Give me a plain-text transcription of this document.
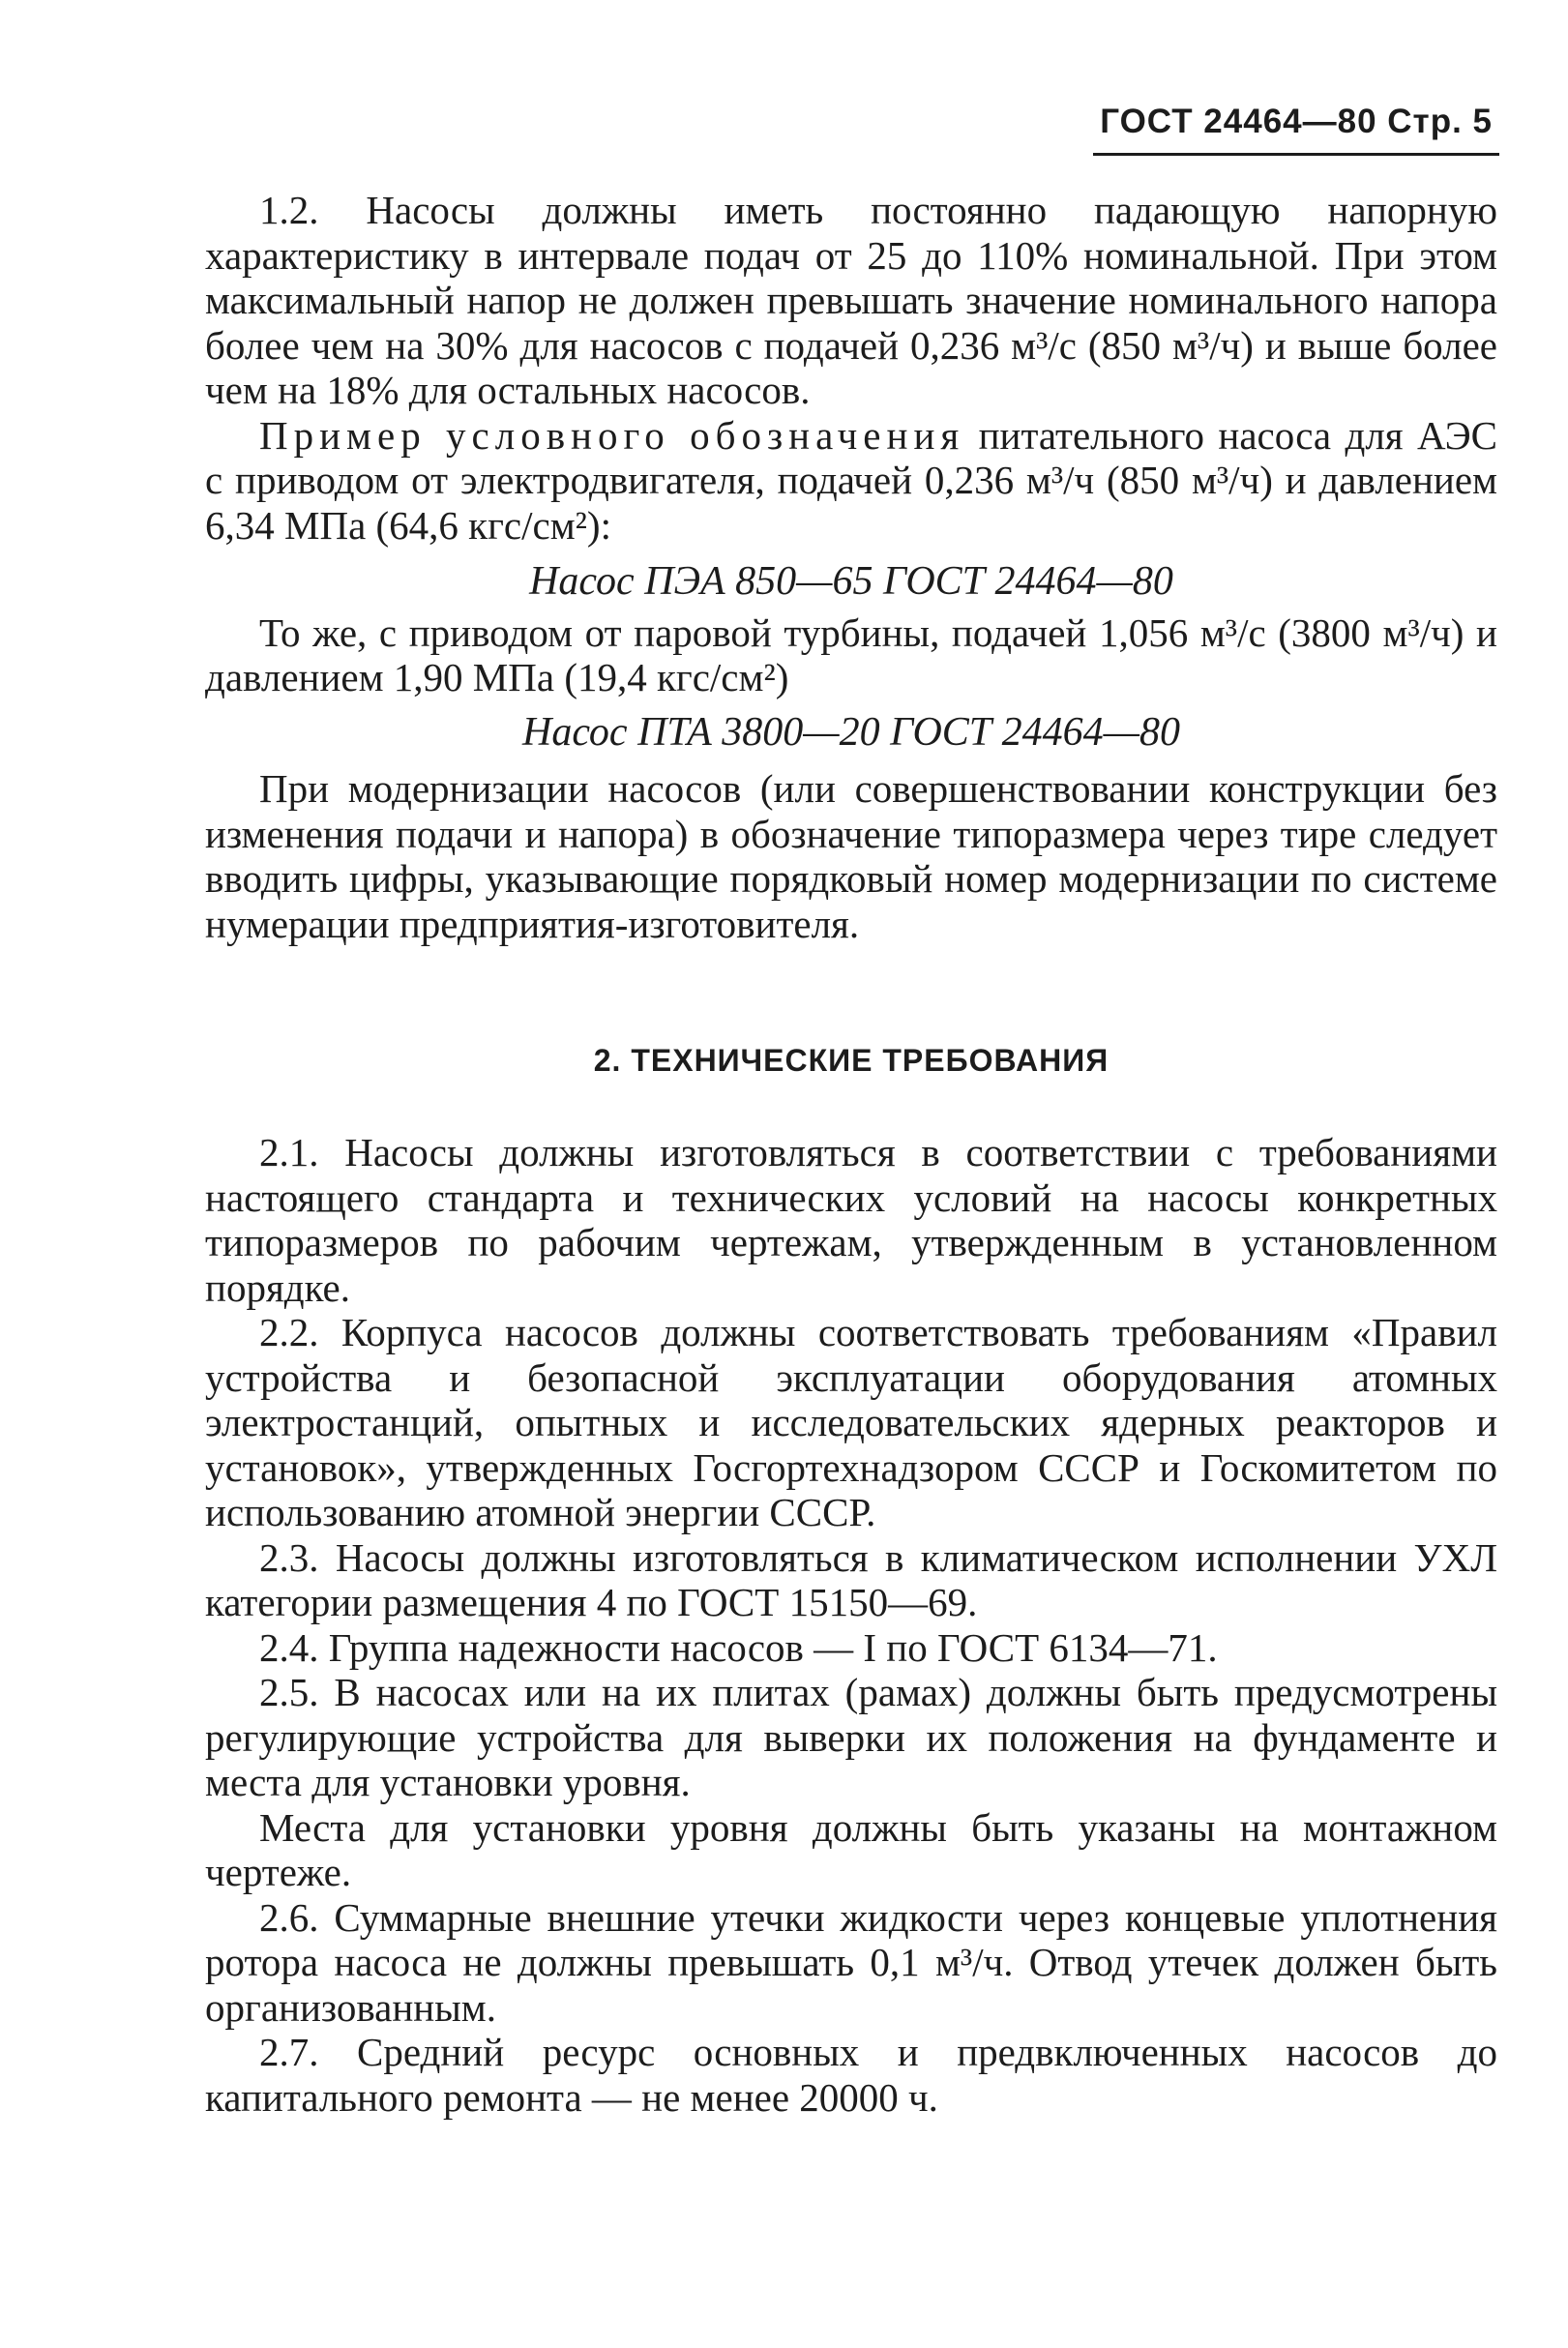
ГОСТ 24464—80 Стр. 5

1.2. Насосы должны иметь постоянно падающую напорную характеристику в интервале подач от 25 до 110% номинальной. При этом максимальный напор не должен превышать значение номинального напора более чем на 30% для насосов с подачей 0,236 м³/с (850 м³/ч) и выше более чем на 18% для остальных насосов.

Пример условного обозначения питательного насоса для АЭС с приводом от электродвигателя, подачей 0,236 м³/ч (850 м³/ч) и давлением 6,34 МПа (64,6 кгс/см²):

Насос ПЭА 850—65 ГОСТ 24464—80

То же, с приводом от паровой турбины, подачей 1,056 м³/с (3800 м³/ч) и давлением 1,90 МПа (19,4 кгс/см²)

Насос ПТА 3800—20 ГОСТ 24464—80

При модернизации насосов (или совершенствовании конструкции без изменения подачи и напора) в обозначение типоразмера через тире следует вводить цифры, указывающие порядковый номер модернизации по системе нумерации предприятия-изготовителя.

2. ТЕХНИЧЕСКИЕ ТРЕБОВАНИЯ

2.1. Насосы должны изготовляться в соответствии с требованиями настоящего стандарта и технических условий на насосы конкретных типоразмеров по рабочим чертежам, утвержденным в установленном порядке.

2.2. Корпуса насосов должны соответствовать требованиям «Правил устройства и безопасной эксплуатации оборудования атомных электростанций, опытных и исследовательских ядерных реакторов и установок», утвержденных Госгортехнадзором СССР и Госкомитетом по использованию атомной энергии СССР.

2.3. Насосы должны изготовляться в климатическом исполнении УХЛ категории размещения 4 по ГОСТ 15150—69.

2.4. Группа надежности насосов — I по ГОСТ 6134—71.

2.5. В насосах или на их плитах (рамах) должны быть предусмотрены регулирующие устройства для выверки их положения на фундаменте и места для установки уровня.

Места для установки уровня должны быть указаны на монтажном чертеже.

2.6. Суммарные внешние утечки жидкости через концевые уплотнения ротора насоса не должны превышать 0,1 м³/ч. Отвод утечек должен быть организованным.

2.7. Средний ресурс основных и предвключенных насосов до капитального ремонта — не менее 20000 ч.
